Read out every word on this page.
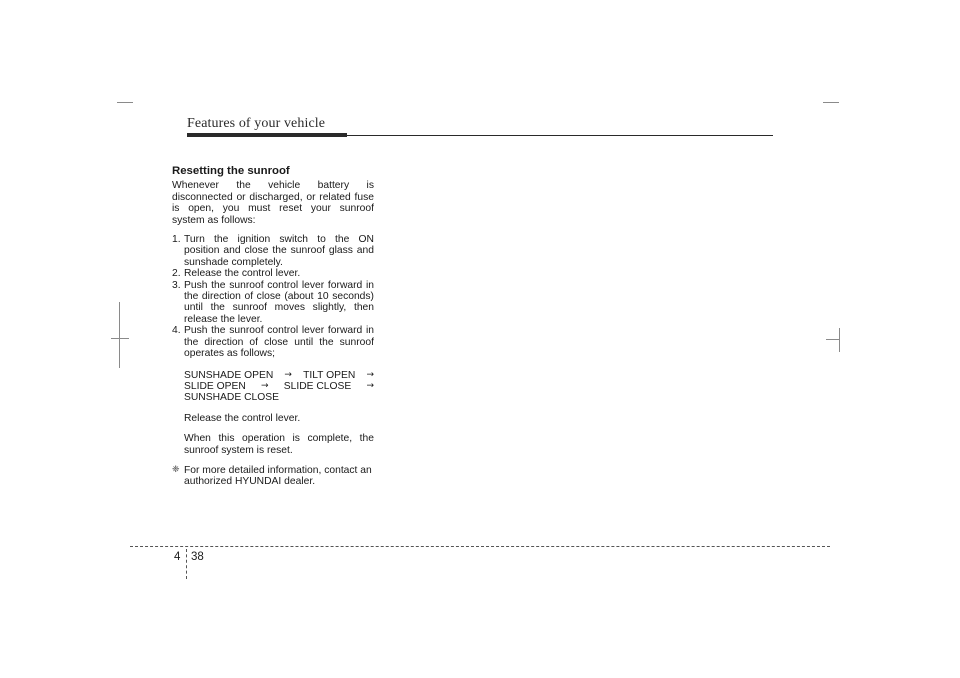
Features of your vehicle
Resetting the sunroof
Whenever the vehicle battery is disconnected or discharged, or related fuse is open, you must reset your sunroof system as follows:
1. Turn the ignition switch to the ON position and close the sunroof glass and sunshade completely.
2. Release the control lever.
3. Push the sunroof control lever forward in the direction of close (about 10 seconds) until the sunroof moves slightly, then release the lever.
4. Push the sunroof control lever forward in the direction of close until the sunroof operates as follows;
SUNSHADE OPEN → TILT OPEN →
SLIDE OPEN → SLIDE CLOSE →
SUNSHADE CLOSE
Release the control lever.
When this operation is complete, the sunroof system is reset.
❈ For more detailed information, contact an authorized HYUNDAI dealer.
4 38
